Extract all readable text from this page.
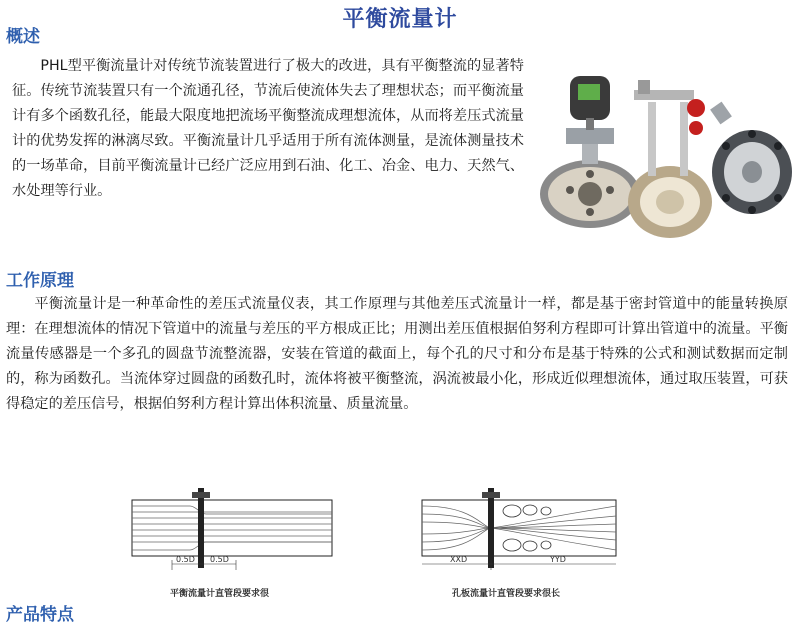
平衡流量计
概述
PHL型平衡流量计对传统节流装置进行了极大的改进，具有平衡整流的显著特征。传统节流装置只有一个流通孔径，节流后使流体失去了理想状态；而平衡流量计有多个函数孔径，能最大限度地把流场平衡整流成理想流体，从而将差压式流量计的优势发挥的淋漓尽致。平衡流量计几乎适用于所有流体测量，是流体测量技术的一场革命，目前平衡流量计已经广泛应用到石油、化工、冶金、电力、天然气、水处理等行业。
工作原理
平衡流量计是一种革命性的差压式流量仪表，其工作原理与其他差压式流量计一样，都是基于密封管道中的能量转换原理：在理想流体的情况下管道中的流量与差压的平方根成正比；用测出差压值根据伯努利方程即可计算出管道中的流量。平衡流量传感器是一个多孔的圆盘节流整流器，安装在管道的截面上，每个孔的尺寸和分布是基于特殊的公式和测试数据而定制的，称为函数孔。当流体穿过圆盘的函数孔时，流体将被平衡整流，涡流被最小化，形成近似理想流体，通过取压装置，可获得稳定的差压信号，根据伯努利方程计算出体积流量、质量流量。
0.5D 0.5D
平衡流量计直管段要求很
XXD	YYD
孔板流量计直管段要求很长
产品特点
